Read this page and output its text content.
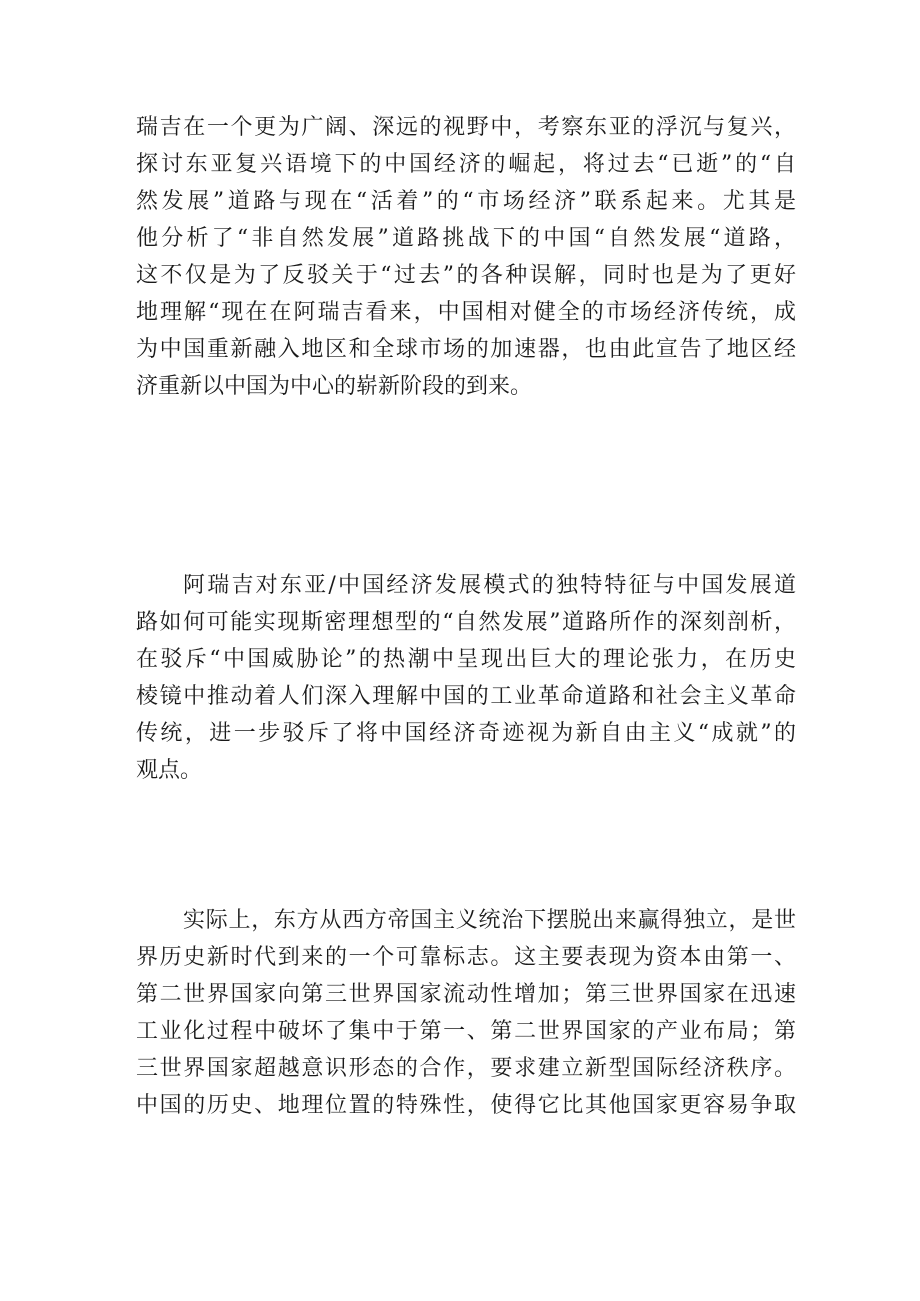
瑞吉在一个更为广阔、深远的视野中，考察东亚的浮沉与复兴，
探讨东亚复兴语境下的中国经济的崛起，将过去“已逝”的“自
然发展”道路与现在“活着”的“市场经济”联系起来。尤其是
他分析了“非自然发展”道路挑战下的中国“自然发展“道路，
这不仅是为了反驳关于“过去”的各种误解，同时也是为了更好
地理解“现在在阿瑞吉看来，中国相对健全的市场经济传统，成
为中国重新融入地区和全球市场的加速器，也由此宣告了地区经
济重新以中国为中心的崭新阶段的到来。
阿瑞吉对东亚/中国经济发展模式的独特特征与中国发展道
路如何可能实现斯密理想型的“自然发展”道路所作的深刻剖析，
在驳斥“中国威胁论”的热潮中呈现出巨大的理论张力，在历史
棱镜中推动着人们深入理解中国的工业革命道路和社会主义革命
传统，进一步驳斥了将中国经济奇迹视为新自由主义“成就”的
观点。
实际上，东方从西方帝国主义统治下摆脱出来赢得独立，是世
界历史新时代到来的一个可靠标志。这主要表现为资本由第一、
第二世界国家向第三世界国家流动性增加；第三世界国家在迅速
工业化过程中破坏了集中于第一、第二世界国家的产业布局；第
三世界国家超越意识形态的合作，要求建立新型国际经济秩序。
中国的历史、地理位置的特殊性，使得它比其他国家更容易争取
